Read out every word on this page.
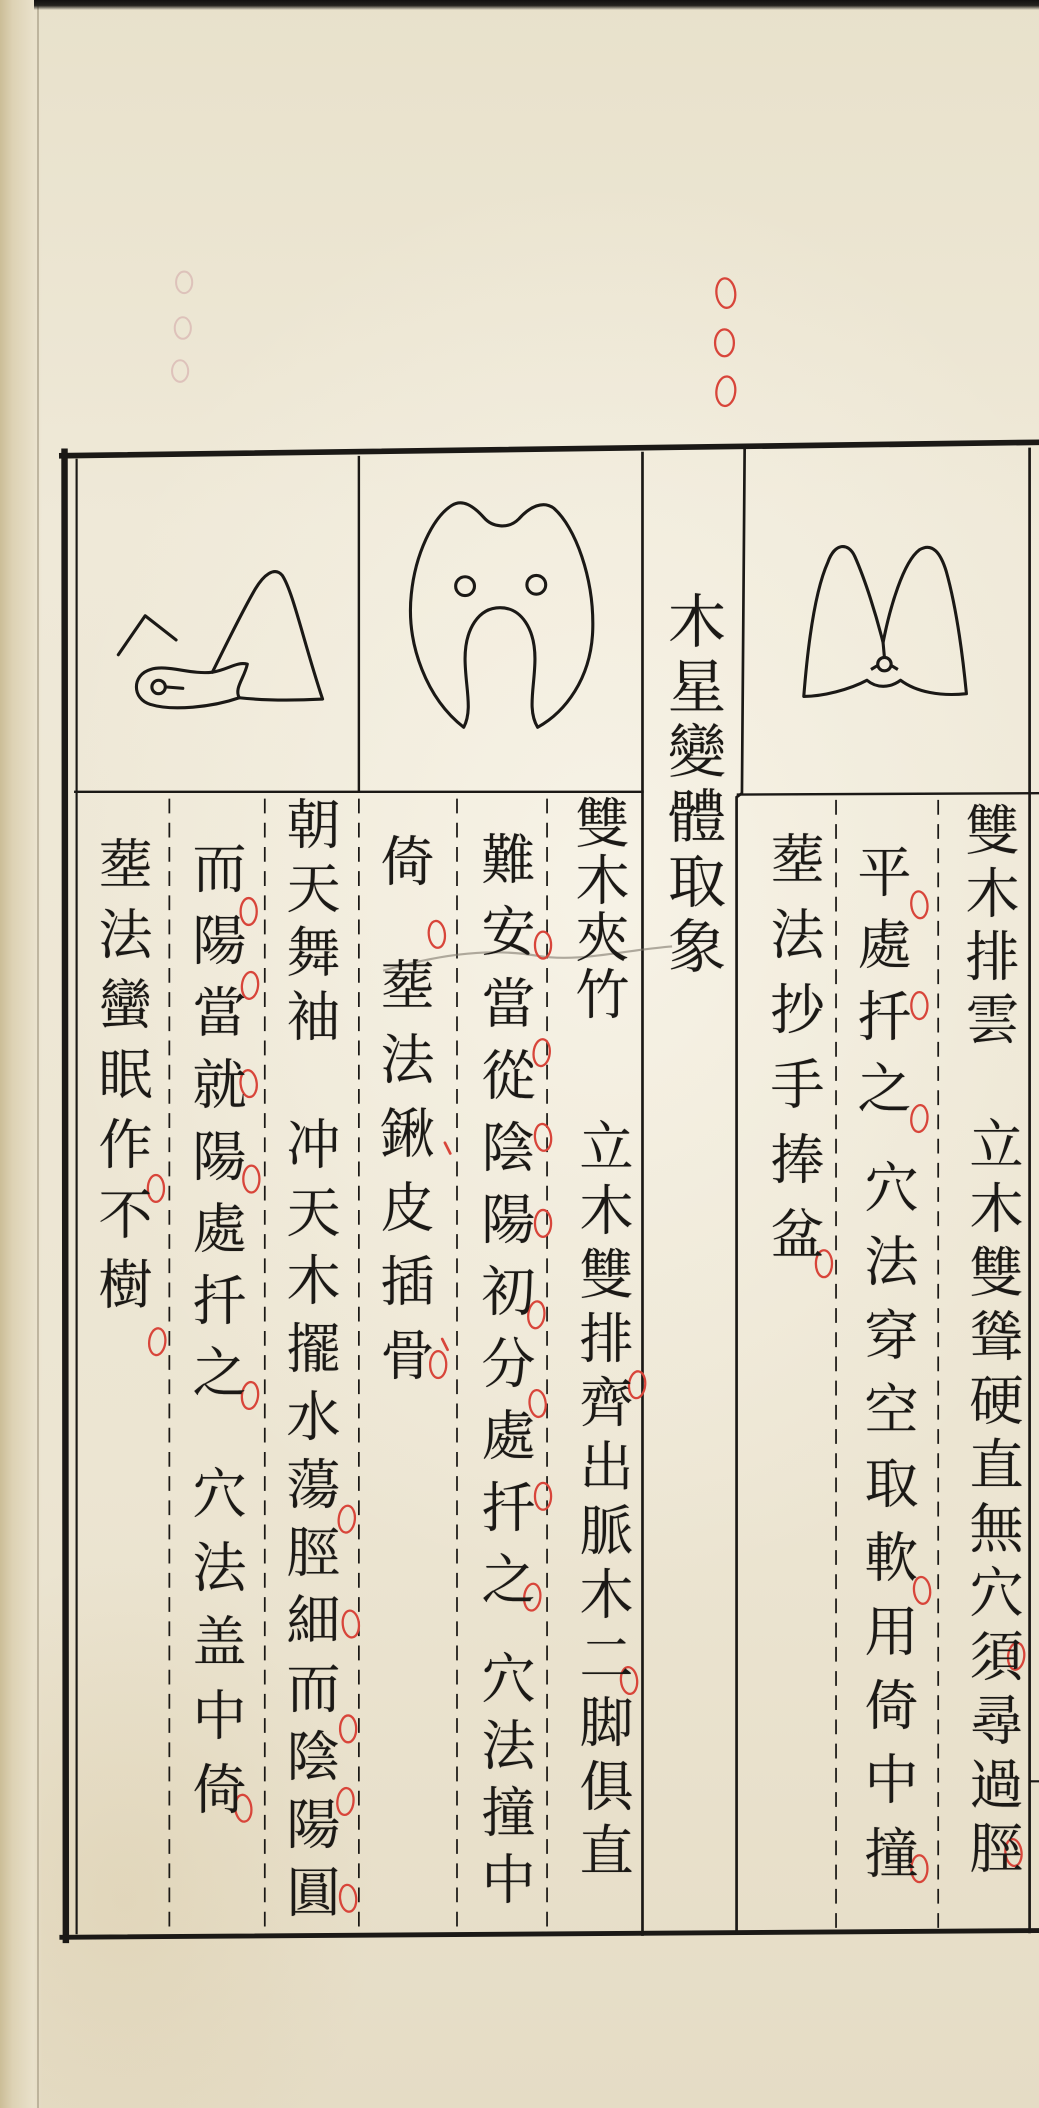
木星變體取象	雙木排雲
立木雙聳硬直無穴須尋過脛
平處扦之
穴法穿空取軟用倚中撞
塟法抄手捧盆
雙木夾竹
立木雙排齊出脈木二脚俱直
難安當從陰陽初分處扦之
穴法撞中
倚
塟法鍬皮插骨
朝天舞袖
冲天木擺水蕩脛細而陰陽圓
而陽當就陽處扦之
穴法盖中倚
塟法蠻眠作不樹
